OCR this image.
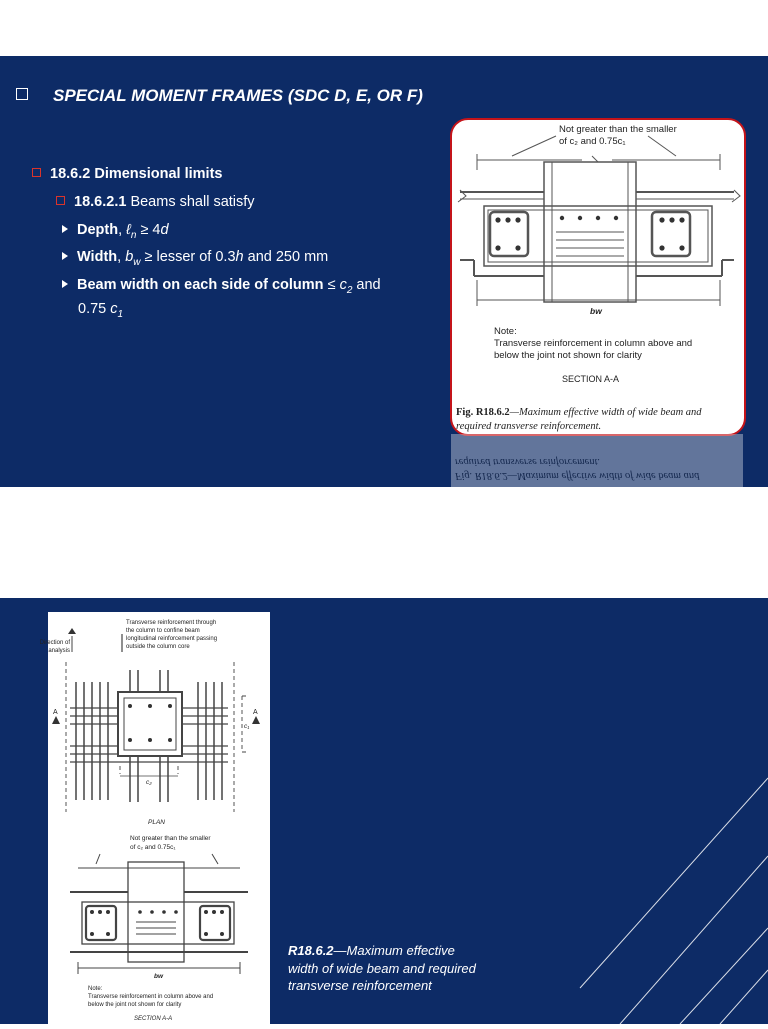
SPECIAL MOMENT FRAMES (SDC D, E, OR F)
18.6.2 Dimensional limits
18.6.2.1 Beams shall satisfy
Depth, ℓ$_n$ ≥ 4d
Width, $b_w$ ≥ lesser of 0.3h and 250 mm
Beam width on each side of column ≤ $c_2$ and
0.75 $c_1$
Not greater than the smaller
of c₂ and 0.75c₁
bw
Note:
Transverse reinforcement in column above and
below the joint not shown for clarity
SECTION A-A
Fig. R18.6.2—Maximum effective width of wide beam and
required transverse reinforcement.
Fig. R18.6.2—Maximum effective width of wide beam and
required transverse reinforcement.
Transverse reinforcement through
the column to confine beam
longitudinal reinforcement passing
outside the column core
Direction of
analysis
c₂
c₁
A	A
PLAN
Not greater than the smaller
of c₂ and 0.75c₁
bw
Note:
Transverse reinforcement in column above and
below the joint not shown for clarity
SECTION A-A
R18.6.2—Maximum effective width of wide beam and required transverse reinforcement
